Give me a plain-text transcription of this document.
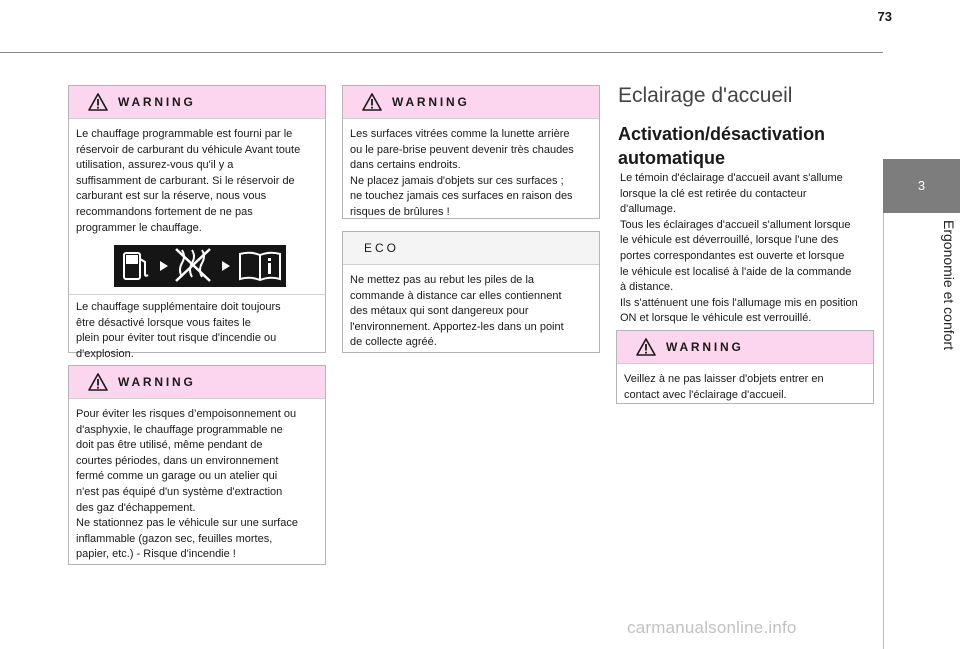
73
3
Ergonomie et confort
WARNING
Le chauffage programmable est fourni par le
réservoir de carburant du véhicule Avant toute
utilisation, assurez-vous qu'il y a
suffisamment de carburant. Si le réservoir de
carburant est sur la réserve, nous vous
recommandons fortement de ne pas
programmer le chauffage.
Le chauffage supplémentaire doit toujours
être désactivé lorsque vous faites le
plein pour éviter tout risque d'incendie ou
d'explosion.
WARNING
Pour éviter les risques d’empoisonnement ou
d'asphyxie, le chauffage programmable ne
doit pas être utilisé, même pendant de
courtes périodes, dans un environnement
fermé comme un garage ou un atelier qui
n'est pas équipé d'un système d'extraction
des gaz d'échappement.
Ne stationnez pas le véhicule sur une surface
inflammable (gazon sec, feuilles mortes,
papier, etc.) - Risque d'incendie !
WARNING
Les surfaces vitrées comme la lunette arrière
ou le pare-brise peuvent devenir très chaudes
dans certains endroits.
Ne placez jamais d'objets sur ces surfaces ;
ne touchez jamais ces surfaces en raison des
risques de brûlures !
ECO
Ne mettez pas au rebut les piles de la
commande à distance car elles contiennent
des métaux qui sont dangereux pour
l'environnement. Apportez-les dans un point
de collecte agréé.
Eclairage d'accueil
Activation/désactivation automatique
Le témoin d'éclairage d'accueil avant s'allume
lorsque la clé est retirée du contacteur
d'allumage.
Tous les éclairages d'accueil s'allument lorsque
le véhicule est déverrouillé, lorsque l'une des
portes correspondantes est ouverte et lorsque
le véhicule est localisé à l'aide de la commande
à distance.
Ils s'atténuent une fois l'allumage mis en position
ON et lorsque le véhicule est verrouillé.
WARNING
Veillez à ne pas laisser d'objets entrer en
contact avec l'éclairage d'accueil.
carmanualsonline.info
